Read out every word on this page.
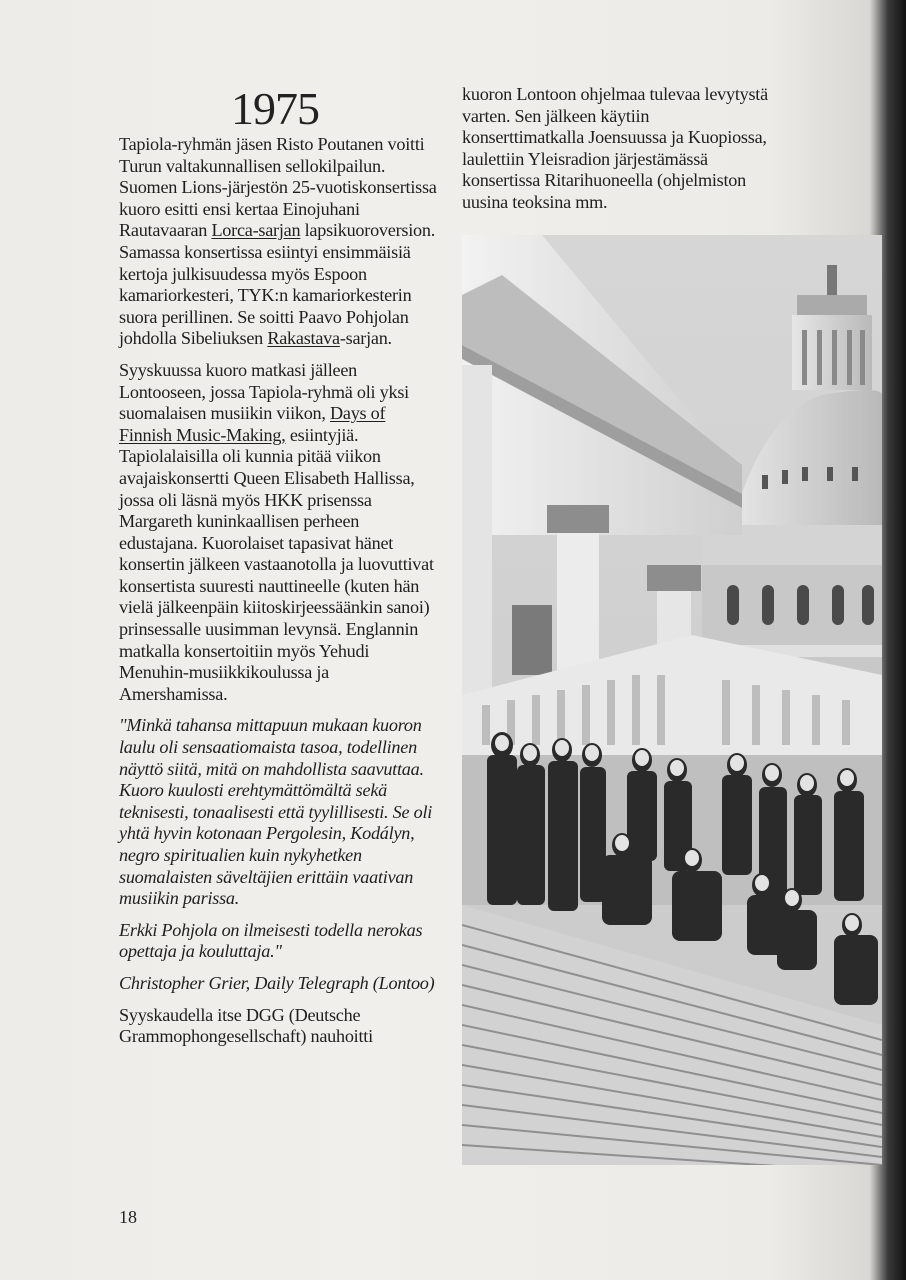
1975

Tapiola-ryhmän jäsen Risto Poutanen voitti Turun valtakunnallisen sellokilpailun. Suomen Lions-järjestön 25-vuotiskonsertissa kuoro esitti ensi kertaa Einojuhani Rautavaaran Lorca-sarjan lapsikuoroversion. Samassa konsertissa esiintyi ensimmäisiä kertoja julkisuudessa myös Espoon kamariorkesteri, TYK:n kamariorkesterin suora perillinen. Se soitti Paavo Pohjolan johdolla Sibeliuksen Rakastava-sarjan.

Syyskuussa kuoro matkasi jälleen Lontooseen, jossa Tapiola-ryhmä oli yksi suomalaisen musiikin viikon, Days of Finnish Music-Making, esiintyjiä. Tapiolalaisilla oli kunnia pitää viikon avajaiskonsertti Queen Elisabeth Hallissa, jossa oli läsnä myös HKK prisenssa Margareth kuninkaallisen perheen edustajana. Kuorolaiset tapasivat hänet konsertin jälkeen vastaanotolla ja luovuttivat konsertista suuresti nauttineelle (kuten hän vielä jälkeenpäin kiitoskirjeessäänkin sanoi) prinsessalle uusimman levynsä. Englannin matkalla konsertoitiin myös Yehudi Menuhin-musiikkikoulussa ja Amershamissa.

"Minkä tahansa mittapuun mukaan kuoron laulu oli sensaatiomaista tasoa, todellinen näyttö siitä, mitä on mahdollista saavuttaa. Kuoro kuulosti erehtymättömältä sekä teknisesti, tonaalisesti että tyylillisesti. Se oli yhtä hyvin kotonaan Pergolesin, Kodályn, negro spiritualien kuin nykyhetken suomalaisten säveltäjien erittäin vaativan musiikin parissa.

Erkki Pohjola on ilmeisesti todella nerokas opettaja ja kouluttaja."

Christopher Grier, Daily Telegraph (Lontoo)

Syyskaudella itse DGG (Deutsche Grammophongesellschaft) nauhoitti

kuoron Lontoon ohjelmaa tulevaa levytystä varten. Sen jälkeen käytiin konserttimatkalla Joensuussa ja Kuopiossa, laulettiin Yleisradion järjestämässä konsertissa Ritarihuoneella (ohjelmiston uusina teoksina mm.

18
